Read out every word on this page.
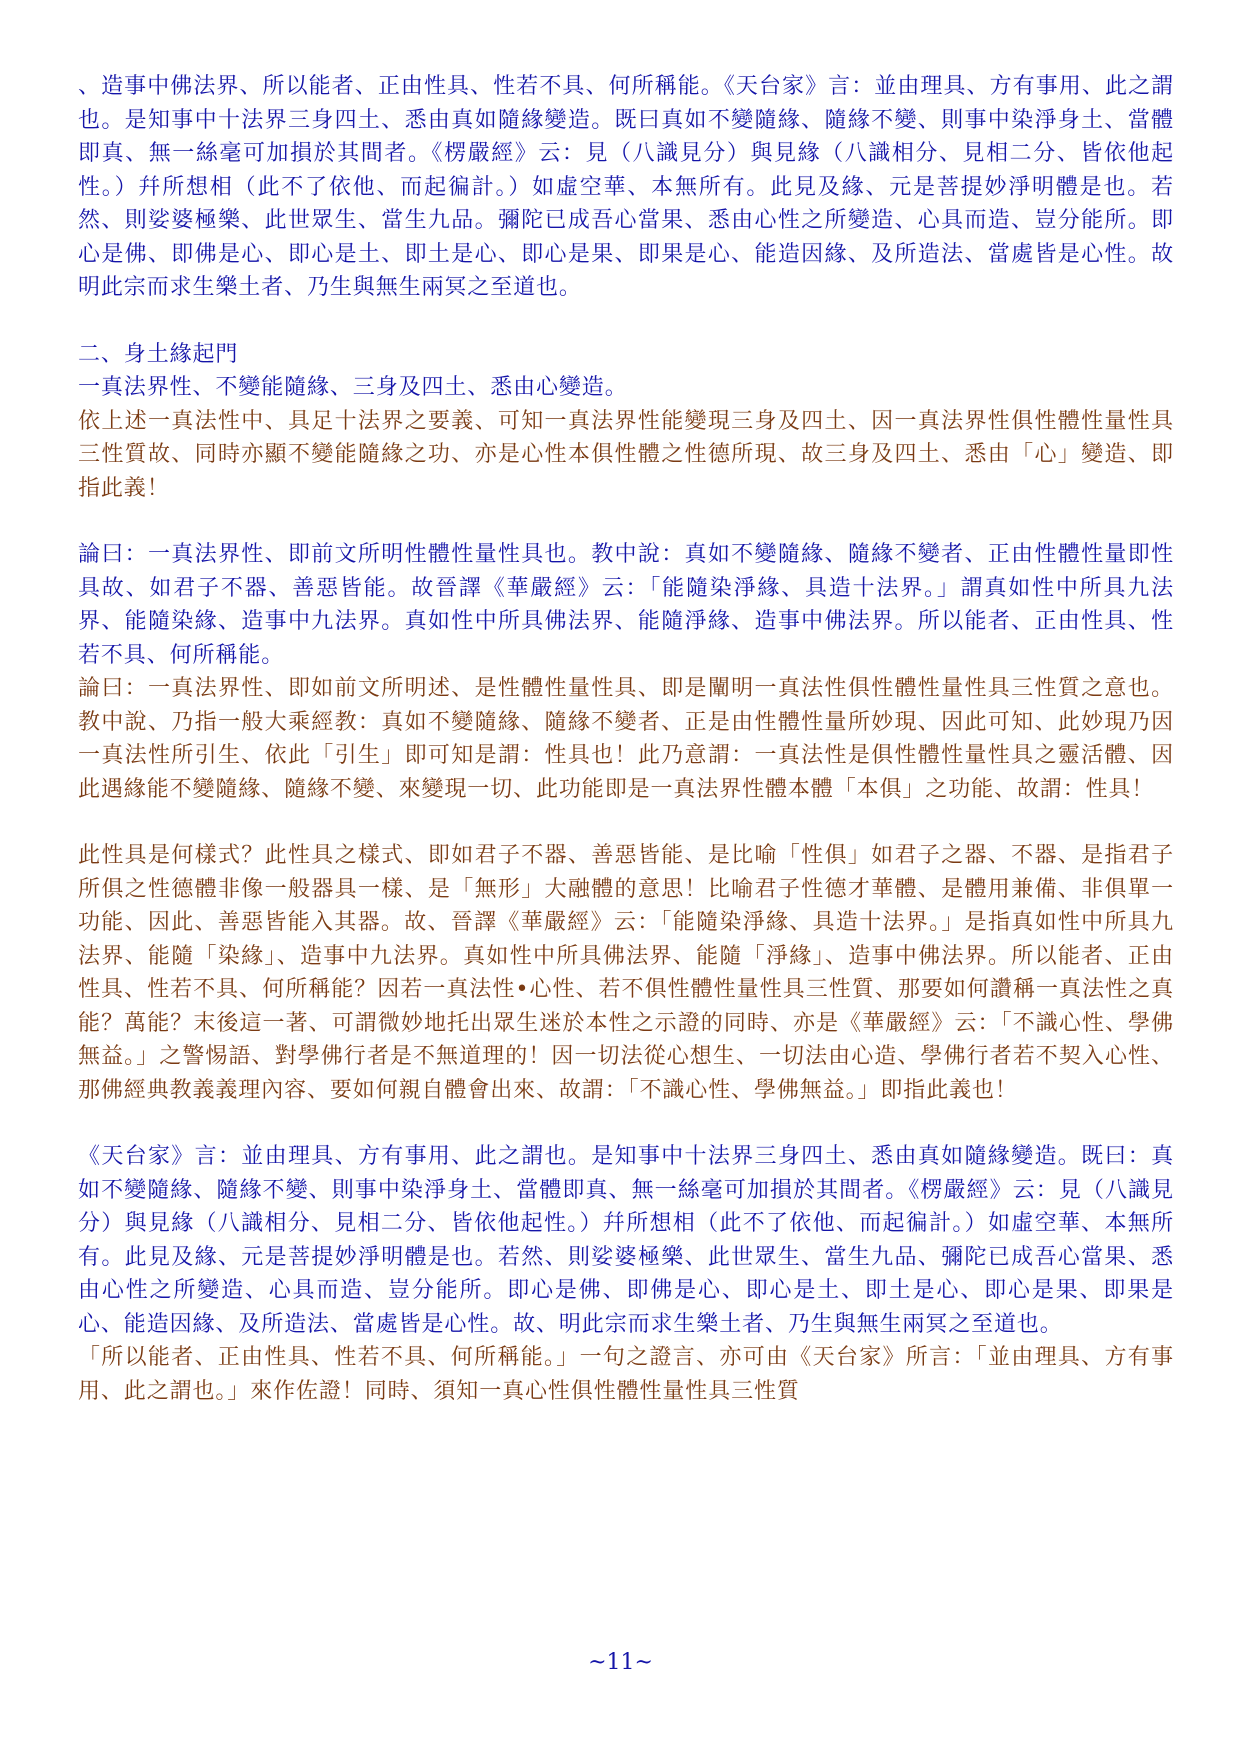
、造事中佛法界、所以能者、正由性具、性若不具、何所稱能。《天台家》言：並由理具、方有事用、此之謂也。是知事中十法界三身四土、悉由真如隨緣變造。既曰真如不變隨緣、隨緣不變、則事中染淨身土、當體即真、無一絲毫可加損於其間者。《楞嚴經》云：見（八識見分）與見緣（八識相分、見相二分、皆依他起性。）幷所想相（此不了依他、而起徧計。）如虛空華、本無所有。此見及緣、元是菩提妙淨明體是也。若然、則娑婆極樂、此世眾生、當生九品。彌陀已成吾心當果、悉由心性之所變造、心具而造、豈分能所。即心是佛、即佛是心、即心是土、即土是心、即心是果、即果是心、能造因緣、及所造法、當處皆是心性。故明此宗而求生樂土者、乃生與無生兩冥之至道也。

二、身土緣起門

一真法界性、不變能隨緣、三身及四土、悉由心變造。

依上述一真法性中、具足十法界之要義、可知一真法界性能變現三身及四土、因一真法界性俱性體性量性具三性質故、同時亦顯不變能隨緣之功、亦是心性本俱性體之性德所現、故三身及四土、悉由「心」變造、即指此義！

論曰：一真法界性、即前文所明性體性量性具也。教中說：真如不變隨緣、隨緣不變者、正由性體性量即性具故、如君子不器、善惡皆能。故晉譯《華嚴經》云：「能隨染淨緣、具造十法界。」謂真如性中所具九法界、能隨染緣、造事中九法界。真如性中所具佛法界、能隨淨緣、造事中佛法界。所以能者、正由性具、性若不具、何所稱能。

論曰：一真法界性、即如前文所明述、是性體性量性具、即是闡明一真法性俱性體性量性具三性質之意也。教中說、乃指一般大乘經教：真如不變隨緣、隨緣不變者、正是由性體性量所妙現、因此可知、此妙現乃因一真法性所引生、依此「引生」即可知是謂：性具也！此乃意謂：一真法性是俱性體性量性具之靈活體、因此遇緣能不變隨緣、隨緣不變、來變現一切、此功能即是一真法界性體本體「本俱」之功能、故謂：性具！

此性具是何樣式？此性具之樣式、即如君子不器、善惡皆能、是比喻「性俱」如君子之器、不器、是指君子所俱之性德體非像一般器具一樣、是「無形」大融體的意思！比喻君子性德才華體、是體用兼備、非俱單一功能、因此、善惡皆能入其器。故、晉譯《華嚴經》云：「能隨染淨緣、具造十法界。」是指真如性中所具九法界、能隨「染緣」、造事中九法界。真如性中所具佛法界、能隨「淨緣」、造事中佛法界。所以能者、正由性具、性若不具、何所稱能？因若一真法性•心性、若不俱性體性量性具三性質、那要如何讚稱一真法性之真能？萬能？末後這一著、可謂微妙地托出眾生迷於本性之示證的同時、亦是《華嚴經》云：「不識心性、學佛無益。」之警惕語、對學佛行者是不無道理的！因一切法從心想生、一切法由心造、學佛行者若不契入心性、那佛經典教義義理內容、要如何親自體會出來、故謂：「不識心性、學佛無益。」即指此義也！

《天台家》言：並由理具、方有事用、此之謂也。是知事中十法界三身四土、悉由真如隨緣變造。既曰：真如不變隨緣、隨緣不變、則事中染淨身土、當體即真、無一絲毫可加損於其間者。《楞嚴經》云：見（八識見分）與見緣（八識相分、見相二分、皆依他起性。）幷所想相（此不了依他、而起徧計。）如虛空華、本無所有。此見及緣、元是菩提妙淨明體是也。若然、則娑婆極樂、此世眾生、當生九品、彌陀已成吾心當果、悉由心性之所變造、心具而造、豈分能所。即心是佛、即佛是心、即心是土、即土是心、即心是果、即果是心、能造因緣、及所造法、當處皆是心性。故、明此宗而求生樂土者、乃生與無生兩冥之至道也。

「所以能者、正由性具、性若不具、何所稱能。」一句之證言、亦可由《天台家》所言：「並由理具、方有事用、此之謂也。」來作佐證！同時、須知一真心性俱性體性量性具三性質

~11~
